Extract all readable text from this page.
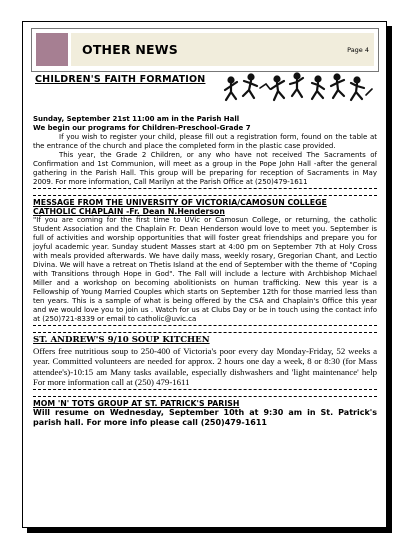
OTHER NEWS	Page 4
CHILDREN'S FAITH FORMATION

Sunday, September 21st 11:00 am in the Parish Hall

We begin our programs for Children-Preschool-Grade 7

If you wish to register your child, please fill out a registration form, found on the table at the entrance of the church and place the completed form in the plastic case provided.

This year, the Grade 2 Children, or any who have not received The Sacraments of Confirmation and 1st Communion, will meet as a group in the Pope John Hall -after the general gathering in the Parish Hall. This group will be preparing for reception of Sacraments in May 2009. For more information, Call Marilyn at the Parish Office at (250)479-1611

MESSAGE FROM THE UNIVERSITY OF VICTORIA/CAMOSUN COLLEGE
CATHOLIC CHAPLAIN -Fr. Dean N.Henderson

"If you are coming for the first time to UVic or Camosun College, or returning, the catholic Student Association and the Chaplain Fr. Dean Henderson would love to meet you. September is full of activities and worship opportunities that will foster great friendships and prepare you for joyful academic year. Sunday student Masses start at 4:00 pm on September 7th at Holy Cross with meals provided afterwards. We have daily mass, weekly rosary, Gregorian Chant, and Lectio Divina. We will have a retreat on Thetis Island at the end of September with the theme of "Coping with Transitions through Hope in God". The Fall will include a lecture with Archbishop Michael Miller and a workshop on becoming abolitionists on human trafficking. New this year is a Fellowship of Young Married Couples which starts on September 12th for those married less than ten years. This is a sample of what is being offered by the CSA and Chaplain's Office this year and we would love you to join us . Watch for us at Clubs Day or be in touch using the contact info at (250)721-8339 or email to catholic@uvic.ca

ST. ANDREW'S 9/10 SOUP KITCHEN

Offers free nutritious soup to 250-400 of Victoria's poor every day Monday-Friday, 52 weeks a year. Committed volunteers are needed for approx. 2 hours one day a week, 8 or 8:30 (for Mass attendee's)-10:15 am Many tasks available, especially dishwashers and 'light maintenance' help For more information call at (250) 479-1611

MOM 'N' TOTS GROUP AT ST. PATRICK'S PARISH

Will resume on Wednesday, September 10th at 9:30 am in St. Patrick's parish hall. For more info please call (250)479-1611
